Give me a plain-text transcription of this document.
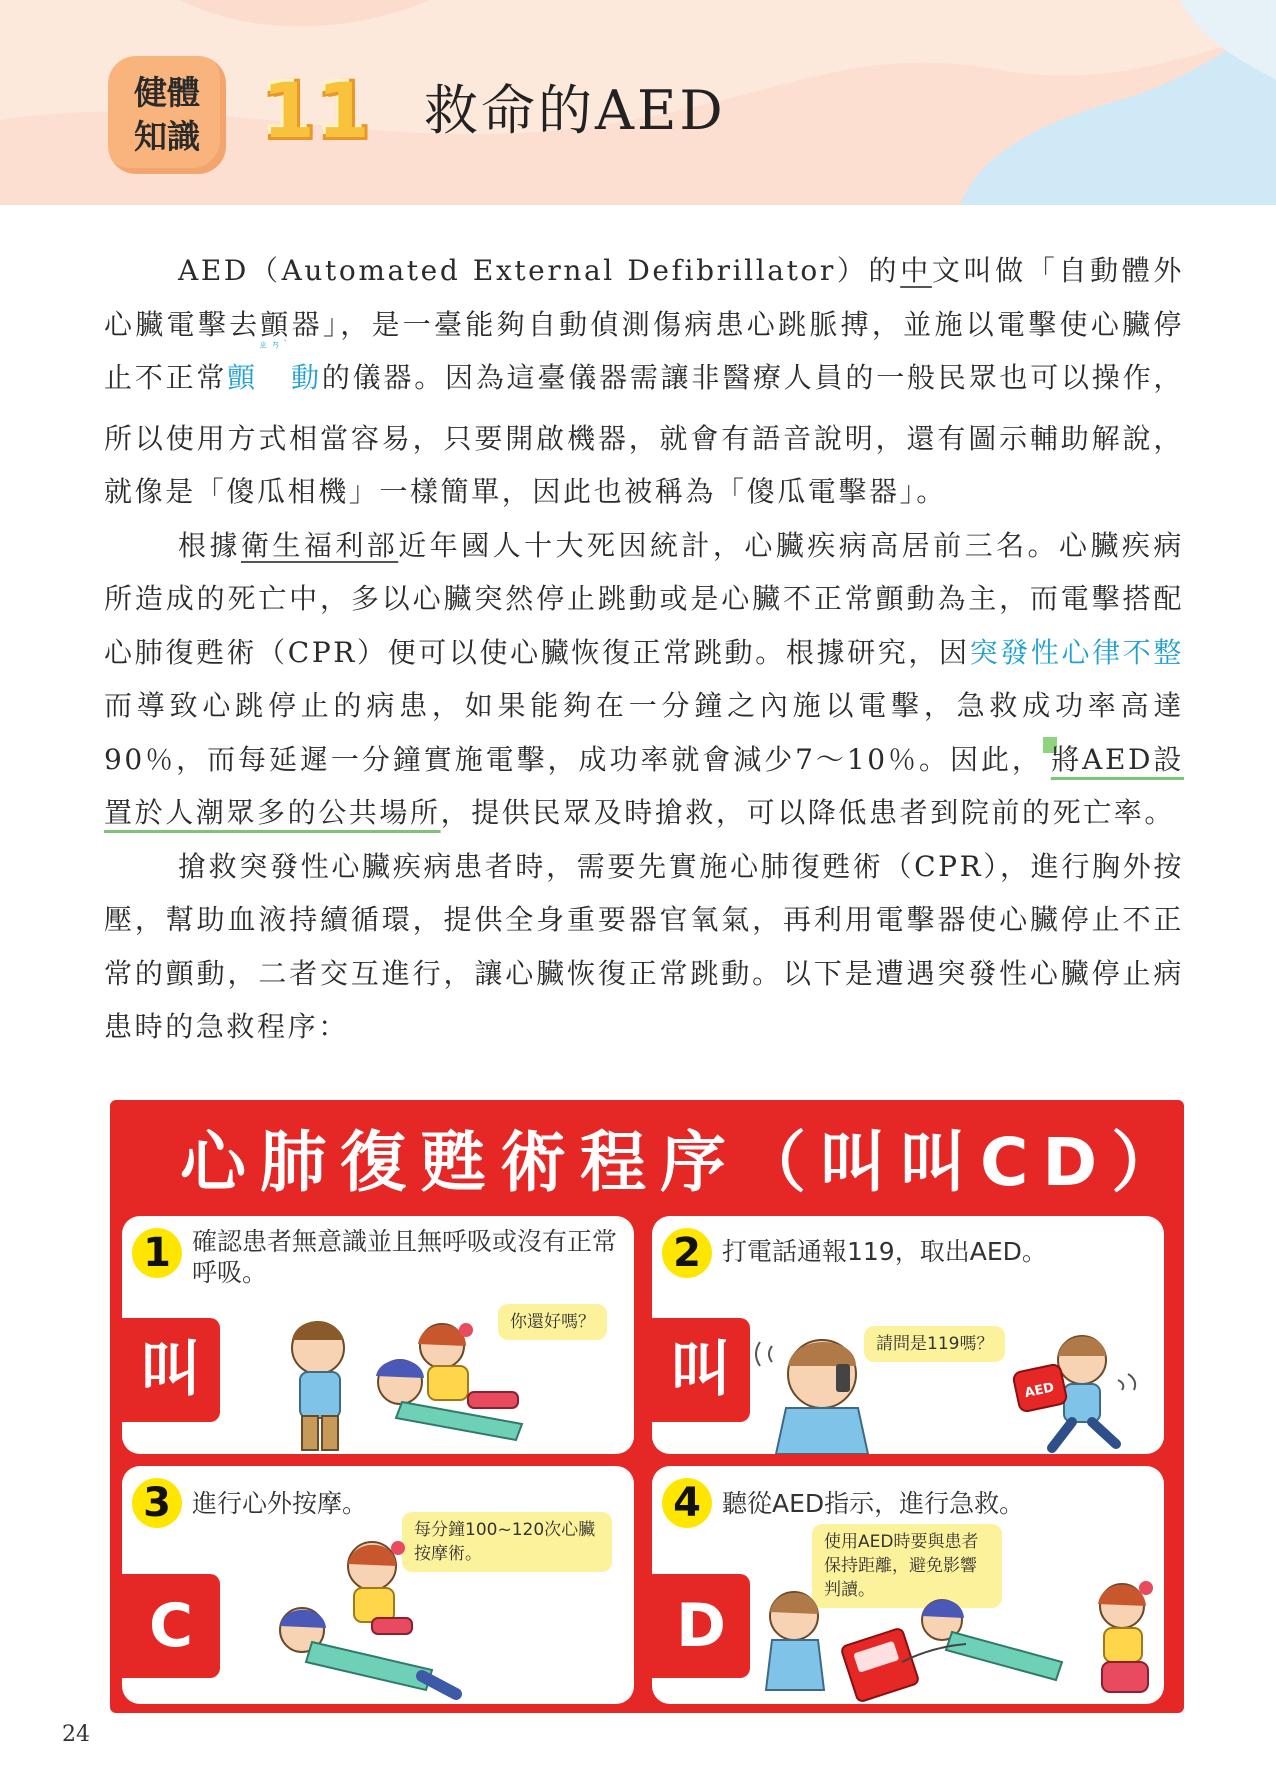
健體
知識 11 救命的AED

AED（Automated External Defibrillator）的中文叫做「自動體外心臟電擊去顫器」，是一臺能夠自動偵測傷病患心跳脈搏，並施以電擊使心臟停止不正常顫ㄓㄢˋ動的儀器。因為這臺儀器需讓非醫療人員的一般民眾也可以操作，所以使用方式相當容易，只要開啟機器，就會有語音說明，還有圖示輔助解說，就像是「傻瓜相機」一樣簡單，因此也被稱為「傻瓜電擊器」。

根據衛生福利部近年國人十大死因統計，心臟疾病高居前三名。心臟疾病所造成的死亡中，多以心臟突然停止跳動或是心臟不正常顫動為主，而電擊搭配心肺復甦術（CPR）便可以使心臟恢復正常跳動。根據研究，因突發性心律不整而導致心跳停止的病患，如果能夠在一分鐘之內施以電擊，急救成功率高達90％，而每延遲一分鐘實施電擊，成功率就會減少7～10％。因此， 將AED設置於人潮眾多的公共場所，提供民眾及時搶救，可以降低患者到院前的死亡率。

搶救突發性心臟疾病患者時，需要先實施心肺復甦術（CPR），進行胸外按壓，幫助血液持續循環，提供全身重要器官氧氣，再利用電擊器使心臟停止不正常的顫動，二者交互進行，讓心臟恢復正常跳動。以下是遭遇突發性心臟停止病患時的急救程序：

心肺復甦術程序（叫叫CD）
1 確認患者無意識並且無呼吸或沒有正常呼吸。
叫
你還好嗎？
2 打電話通報119，取出AED。
叫	請問是119嗎？
AED
3 進行心外按摩。
C
每分鐘100~120次心臟按摩術。
4 聽從AED指示，進行急救。
D
使用AED時要與患者保持距離，避免影響判讀。
24
